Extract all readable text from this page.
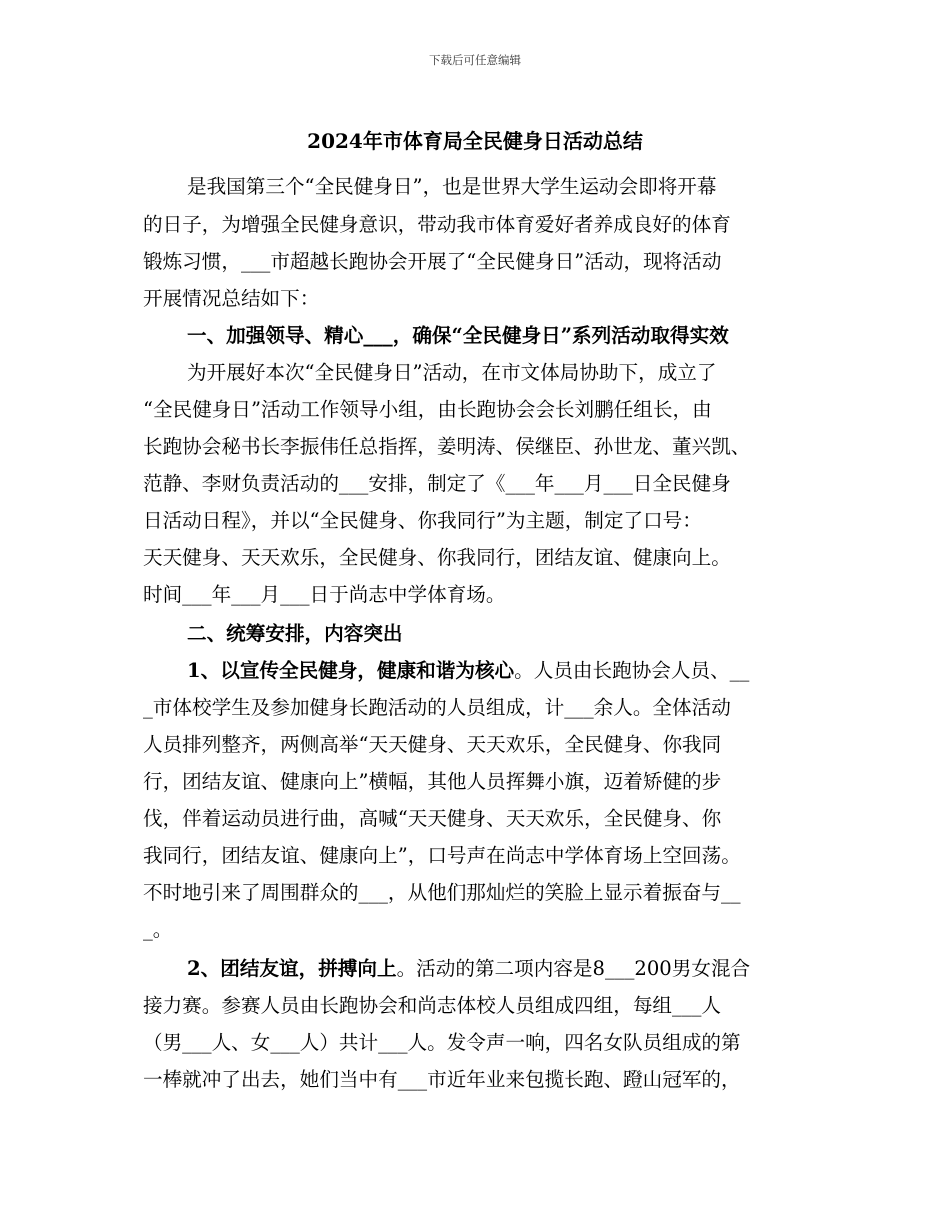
下载后可任意编辑
2024年市体育局全民健身日活动总结
是我国第三个“全民健身日”，也是世界大学生运动会即将开幕
的日子，为增强全民健身意识，带动我市体育爱好者养成良好的体育
锻炼习惯，___市超越长跑协会开展了“全民健身日”活动，现将活动
开展情况总结如下：
一、加强领导、精心___，确保“全民健身日”系列活动取得实效
为开展好本次“全民健身日”活动，在市文体局协助下，成立了
“全民健身日”活动工作领导小组，由长跑协会会长刘鹏任组长，由
长跑协会秘书长李振伟任总指挥，姜明涛、侯继臣、孙世龙、董兴凯、
范静、李财负责活动的___安排，制定了《___年___月___日全民健身
日活动日程》，并以“全民健身、你我同行”为主题，制定了口号：
天天健身、天天欢乐，全民健身、你我同行，团结友谊、健康向上。
时间___年___月___日于尚志中学体育场。
二、统筹安排，内容突出
1、以宣传全民健身，健康和谐为核心。人员由长跑协会人员、__
_市体校学生及参加健身长跑活动的人员组成，计___余人。全体活动
人员排列整齐，两侧高举“天天健身、天天欢乐，全民健身、你我同
行，团结友谊、健康向上”横幅，其他人员挥舞小旗，迈着矫健的步
伐，伴着运动员进行曲，高喊“天天健身、天天欢乐，全民健身、你
我同行，团结友谊、健康向上”，口号声在尚志中学体育场上空回荡。
不时地引来了周围群众的___，从他们那灿烂的笑脸上显示着振奋与__
_。
2、团结友谊，拼搏向上。活动的第二项内容是8___200男女混合
接力赛。参赛人员由长跑协会和尚志体校人员组成四组，每组___人
（男___人、女___人）共计___人。发令声一响，四名女队员组成的第
一棒就冲了出去，她们当中有___市近年业来包揽长跑、蹬山冠军的，
